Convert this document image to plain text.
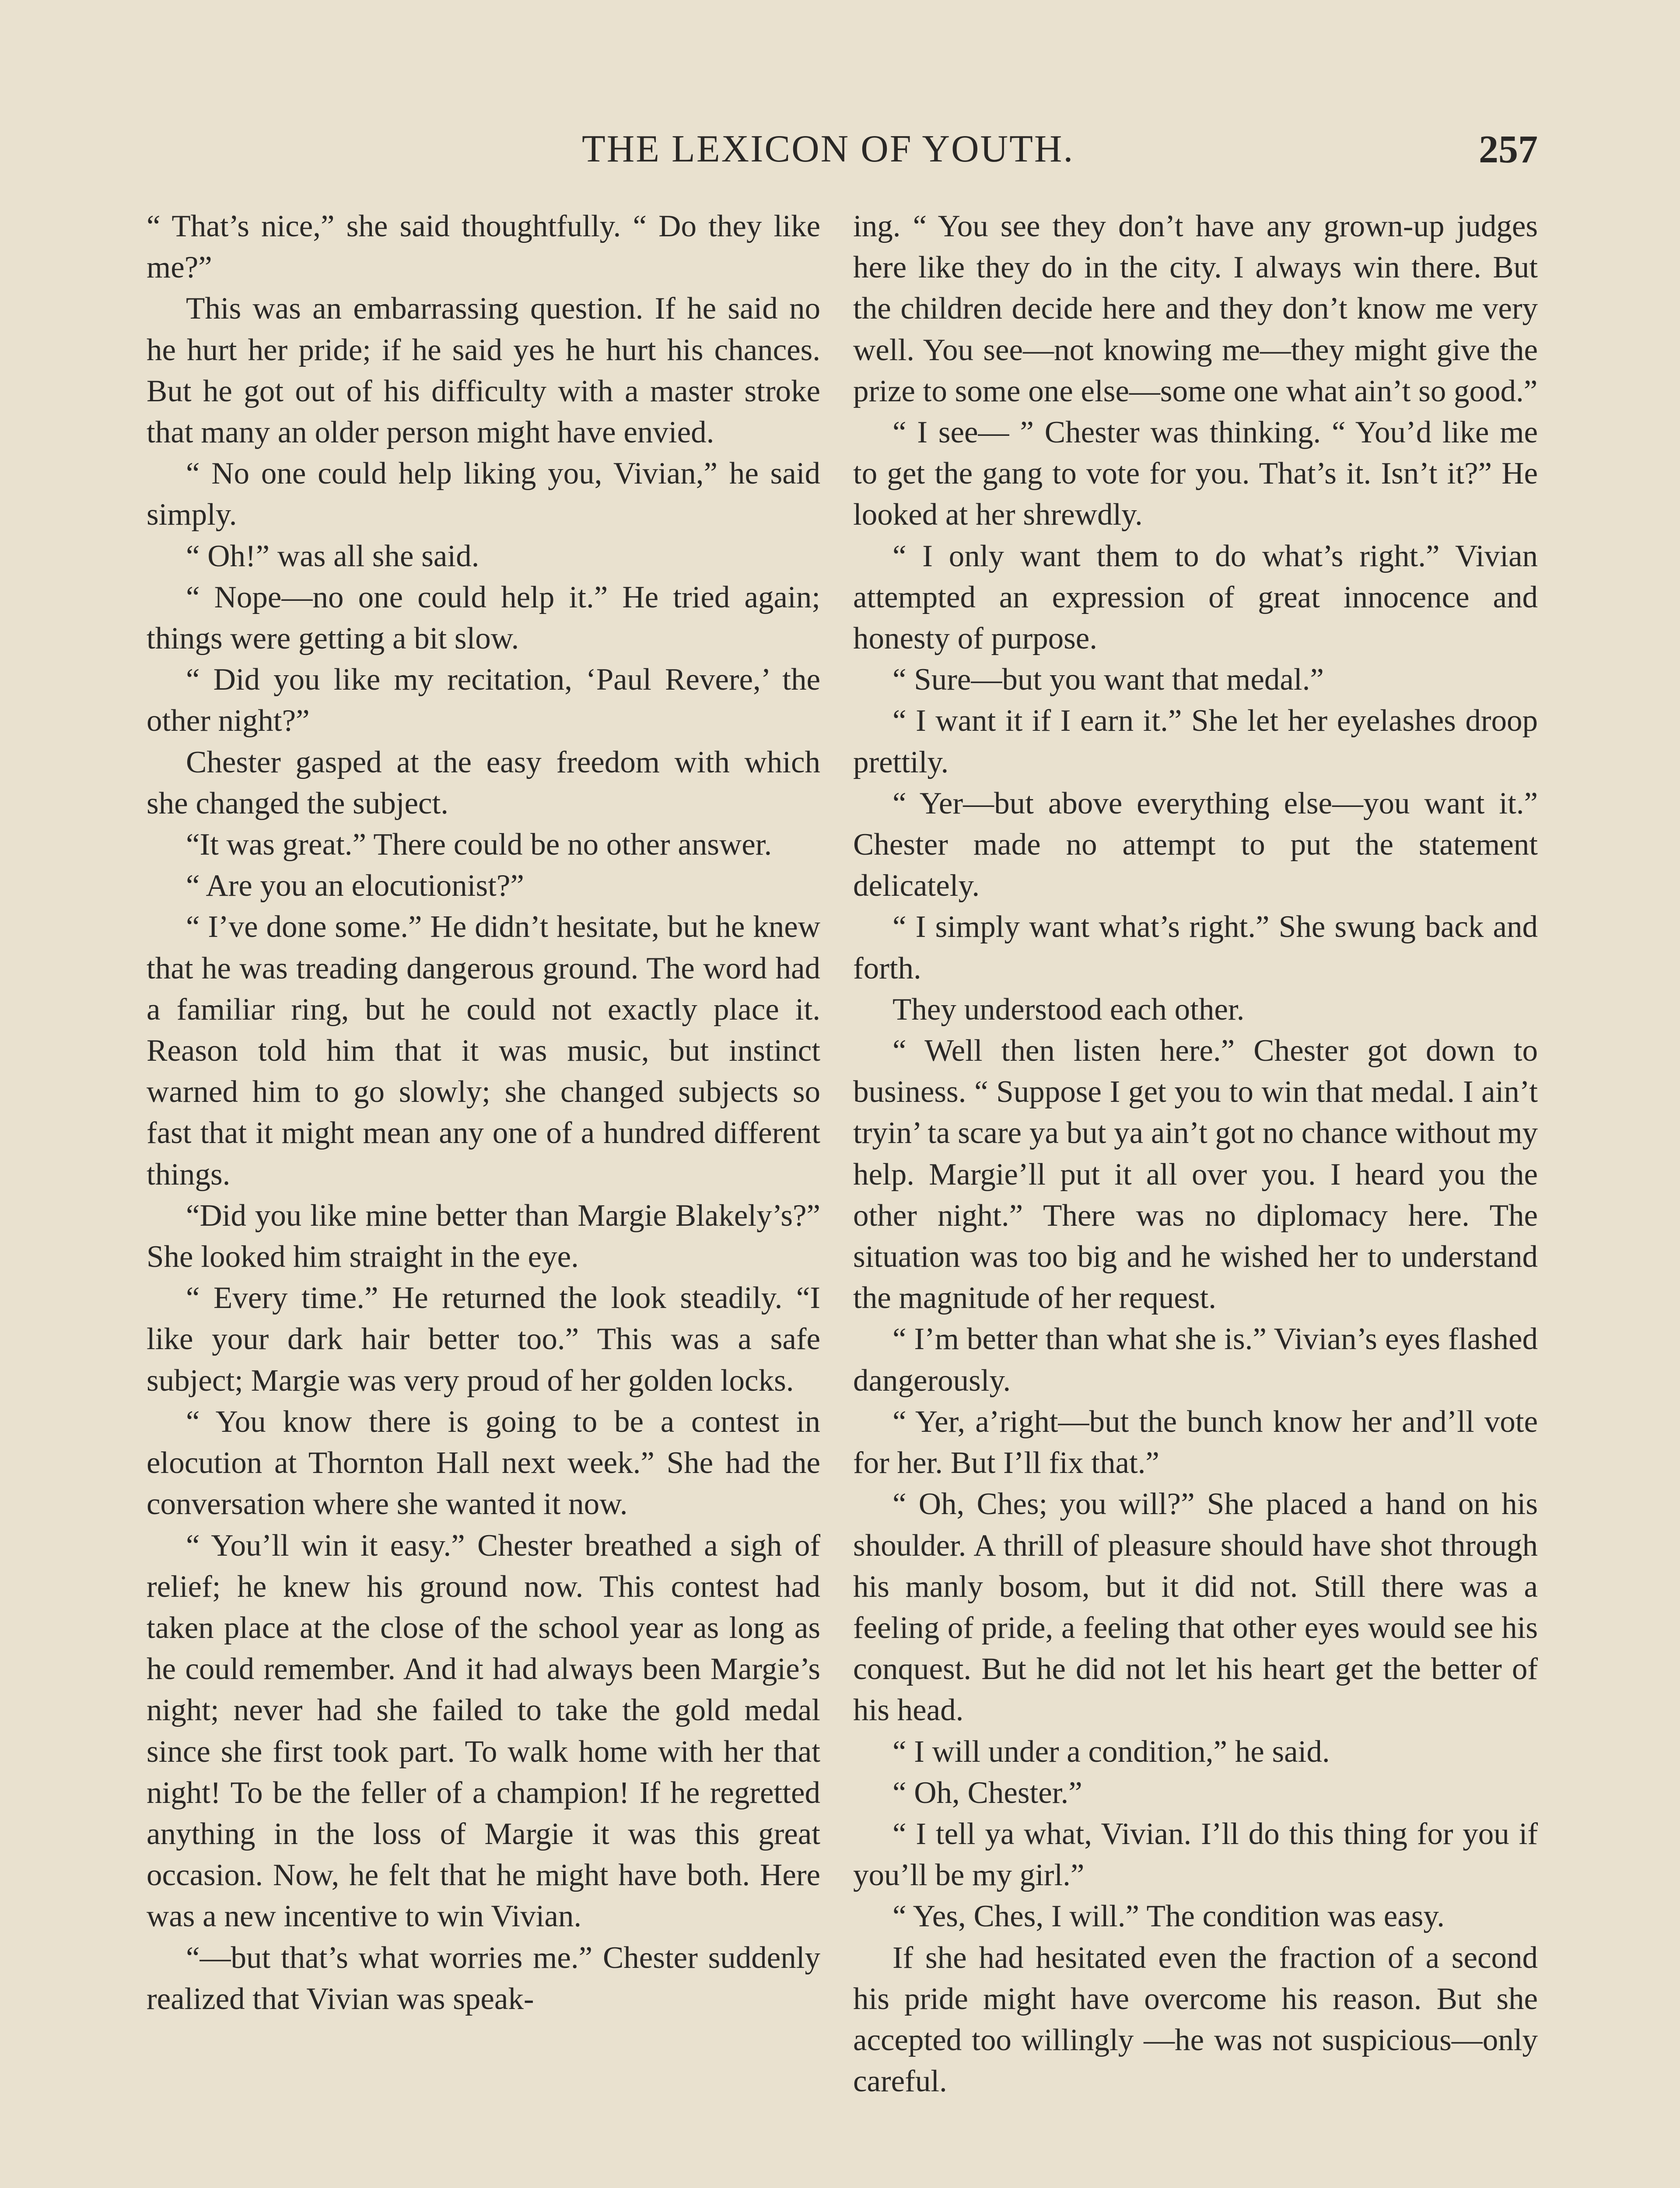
THE LEXICON OF YOUTH.	257

“ That’s nice,” she said thoughtfully. “ Do they like me?”

This was an embarrassing question. If he said no he hurt her pride; if he said yes he hurt his chances. But he got out of his difficulty with a master stroke that many an older person might have envied.

“ No one could help liking you, Vivian,” he said simply.

“ Oh!” was all she said.

“ Nope—no one could help it.” He tried again; things were getting a bit slow.

“ Did you like my recitation, ‘Paul Revere,’ the other night?”

Chester gasped at the easy freedom with which she changed the subject.

“It was great.” There could be no other answer.

“ Are you an elocutionist?”

“ I’ve done some.” He didn’t hesitate, but he knew that he was treading dangerous ground. The word had a familiar ring, but he could not exactly place it. Reason told him that it was music, but instinct warned him to go slowly; she changed subjects so fast that it might mean any one of a hundred different things.

“Did you like mine better than Margie Blakely’s?” She looked him straight in the eye.

“ Every time.” He returned the look steadily. “I like your dark hair better too.” This was a safe subject; Margie was very proud of her golden locks.

“ You know there is going to be a contest in elocution at Thornton Hall next week.” She had the conversation where she wanted it now.

“ You’ll win it easy.” Chester breathed a sigh of relief; he knew his ground now. This contest had taken place at the close of the school year as long as he could remember. And it had always been Margie’s night; never had she failed to take the gold medal since she first took part. To walk home with her that night! To be the feller of a champion! If he regretted anything in the loss of Margie it was this great occasion. Now, he felt that he might have both. Here was a new incentive to win Vivian.

“—but that’s what worries me.” Chester suddenly realized that Vivian was speak-

ing. “ You see they don’t have any grown-up judges here like they do in the city. I always win there. But the children decide here and they don’t know me very well. You see—not knowing me—they might give the prize to some one else—some one what ain’t so good.”

“ I see— ” Chester was thinking. “ You’d like me to get the gang to vote for you. That’s it. Isn’t it?” He looked at her shrewdly.

“ I only want them to do what’s right.” Vivian attempted an expression of great innocence and honesty of purpose.

“ Sure—but you want that medal.”

“ I want it if I earn it.” She let her eyelashes droop prettily.

“ Yer—but above everything else—you want it.” Chester made no attempt to put the statement delicately.

“ I simply want what’s right.” She swung back and forth.

They understood each other.

“ Well then listen here.” Chester got down to business. “ Suppose I get you to win that medal. I ain’t tryin’ ta scare ya but ya ain’t got no chance without my help. Margie’ll put it all over you. I heard you the other night.” There was no diplomacy here. The situation was too big and he wished her to understand the magnitude of her request.

“ I’m better than what she is.” Vivian’s eyes flashed dangerously.

“ Yer, a’right—but the bunch know her and’ll vote for her. But I’ll fix that.”

“ Oh, Ches; you will?” She placed a hand on his shoulder. A thrill of pleasure should have shot through his manly bosom, but it did not. Still there was a feeling of pride, a feeling that other eyes would see his conquest. But he did not let his heart get the better of his head.

“ I will under a condition,” he said.

“ Oh, Chester.”

“ I tell ya what, Vivian. I’ll do this thing for you if you’ll be my girl.”

“ Yes, Ches, I will.” The condition was easy.

If she had hesitated even the fraction of a second his pride might have overcome his reason. But she accepted too willingly —he was not suspicious—only careful.
